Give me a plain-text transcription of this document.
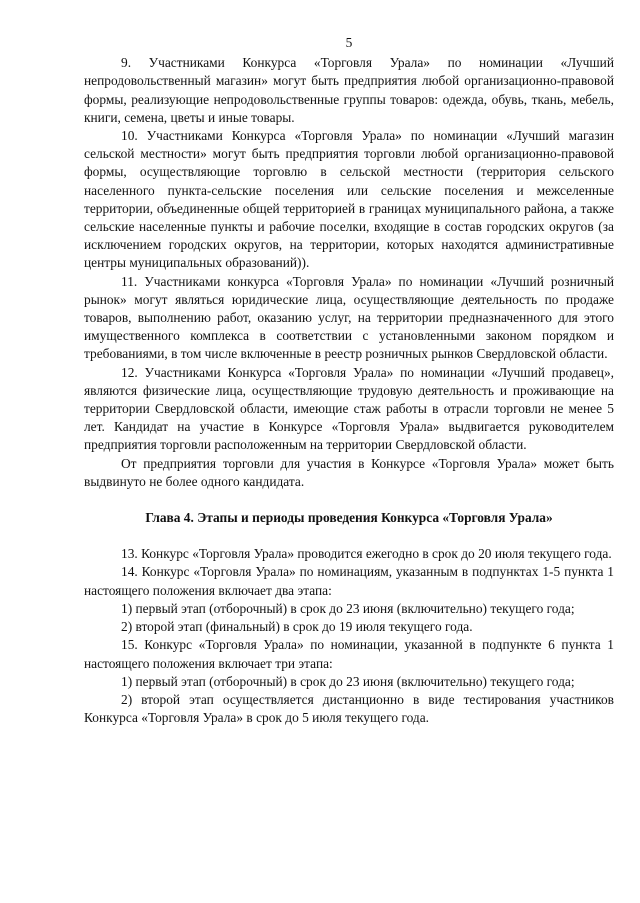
5

9. Участниками Конкурса «Торговля Урала» по номинации «Лучший непродовольственный магазин» могут быть предприятия любой организационно-правовой формы, реализующие непродовольственные группы товаров: одежда, обувь, ткань, мебель, книги, семена, цветы и иные товары.

10. Участниками Конкурса «Торговля Урала» по номинации «Лучший магазин сельской местности» могут быть предприятия торговли любой организационно-правовой формы, осуществляющие торговлю в сельской местности (территория сельского населенного пункта-сельские поселения или сельские поселения и межселенные территории, объединенные общей территорией в границах муниципального района, а также сельские населенные пункты и рабочие поселки, входящие в состав городских округов (за исключением городских округов, на территории, которых находятся административные центры муниципальных образований)).

11. Участниками конкурса «Торговля Урала» по номинации «Лучший розничный рынок» могут являться юридические лица, осуществляющие деятельность по продаже товаров, выполнению работ, оказанию услуг, на территории предназначенного для этого имущественного комплекса в соответствии с установленными законом порядком и требованиями, в том числе включенные в реестр розничных рынков Свердловской области.

12. Участниками Конкурса «Торговля Урала» по номинации «Лучший продавец», являются физические лица, осуществляющие трудовую деятельность и проживающие на территории Свердловской области, имеющие стаж работы в отрасли торговли не менее 5 лет. Кандидат на участие в Конкурсе «Торговля Урала» выдвигается руководителем предприятия торговли расположенным на территории Свердловской области.

От предприятия торговли для участия в Конкурсе «Торговля Урала» может быть выдвинуто не более одного кандидата.

Глава 4. Этапы и периоды проведения Конкурса «Торговля Урала»

13. Конкурс «Торговля Урала» проводится ежегодно в срок до 20 июля текущего года.

14. Конкурс «Торговля Урала» по номинациям, указанным в подпунктах 1-5 пункта 1 настоящего положения включает два этапа:

1) первый этап (отборочный) в срок до 23 июня (включительно) текущего года;

2) второй этап (финальный) в срок до 19 июля текущего года.

15. Конкурс «Торговля Урала» по номинации, указанной в подпункте 6 пункта 1 настоящего положения включает три этапа:

1) первый этап (отборочный) в срок до 23 июня (включительно) текущего года;

2) второй этап осуществляется дистанционно в виде тестирования участников Конкурса «Торговля Урала» в срок до 5 июля текущего года.
